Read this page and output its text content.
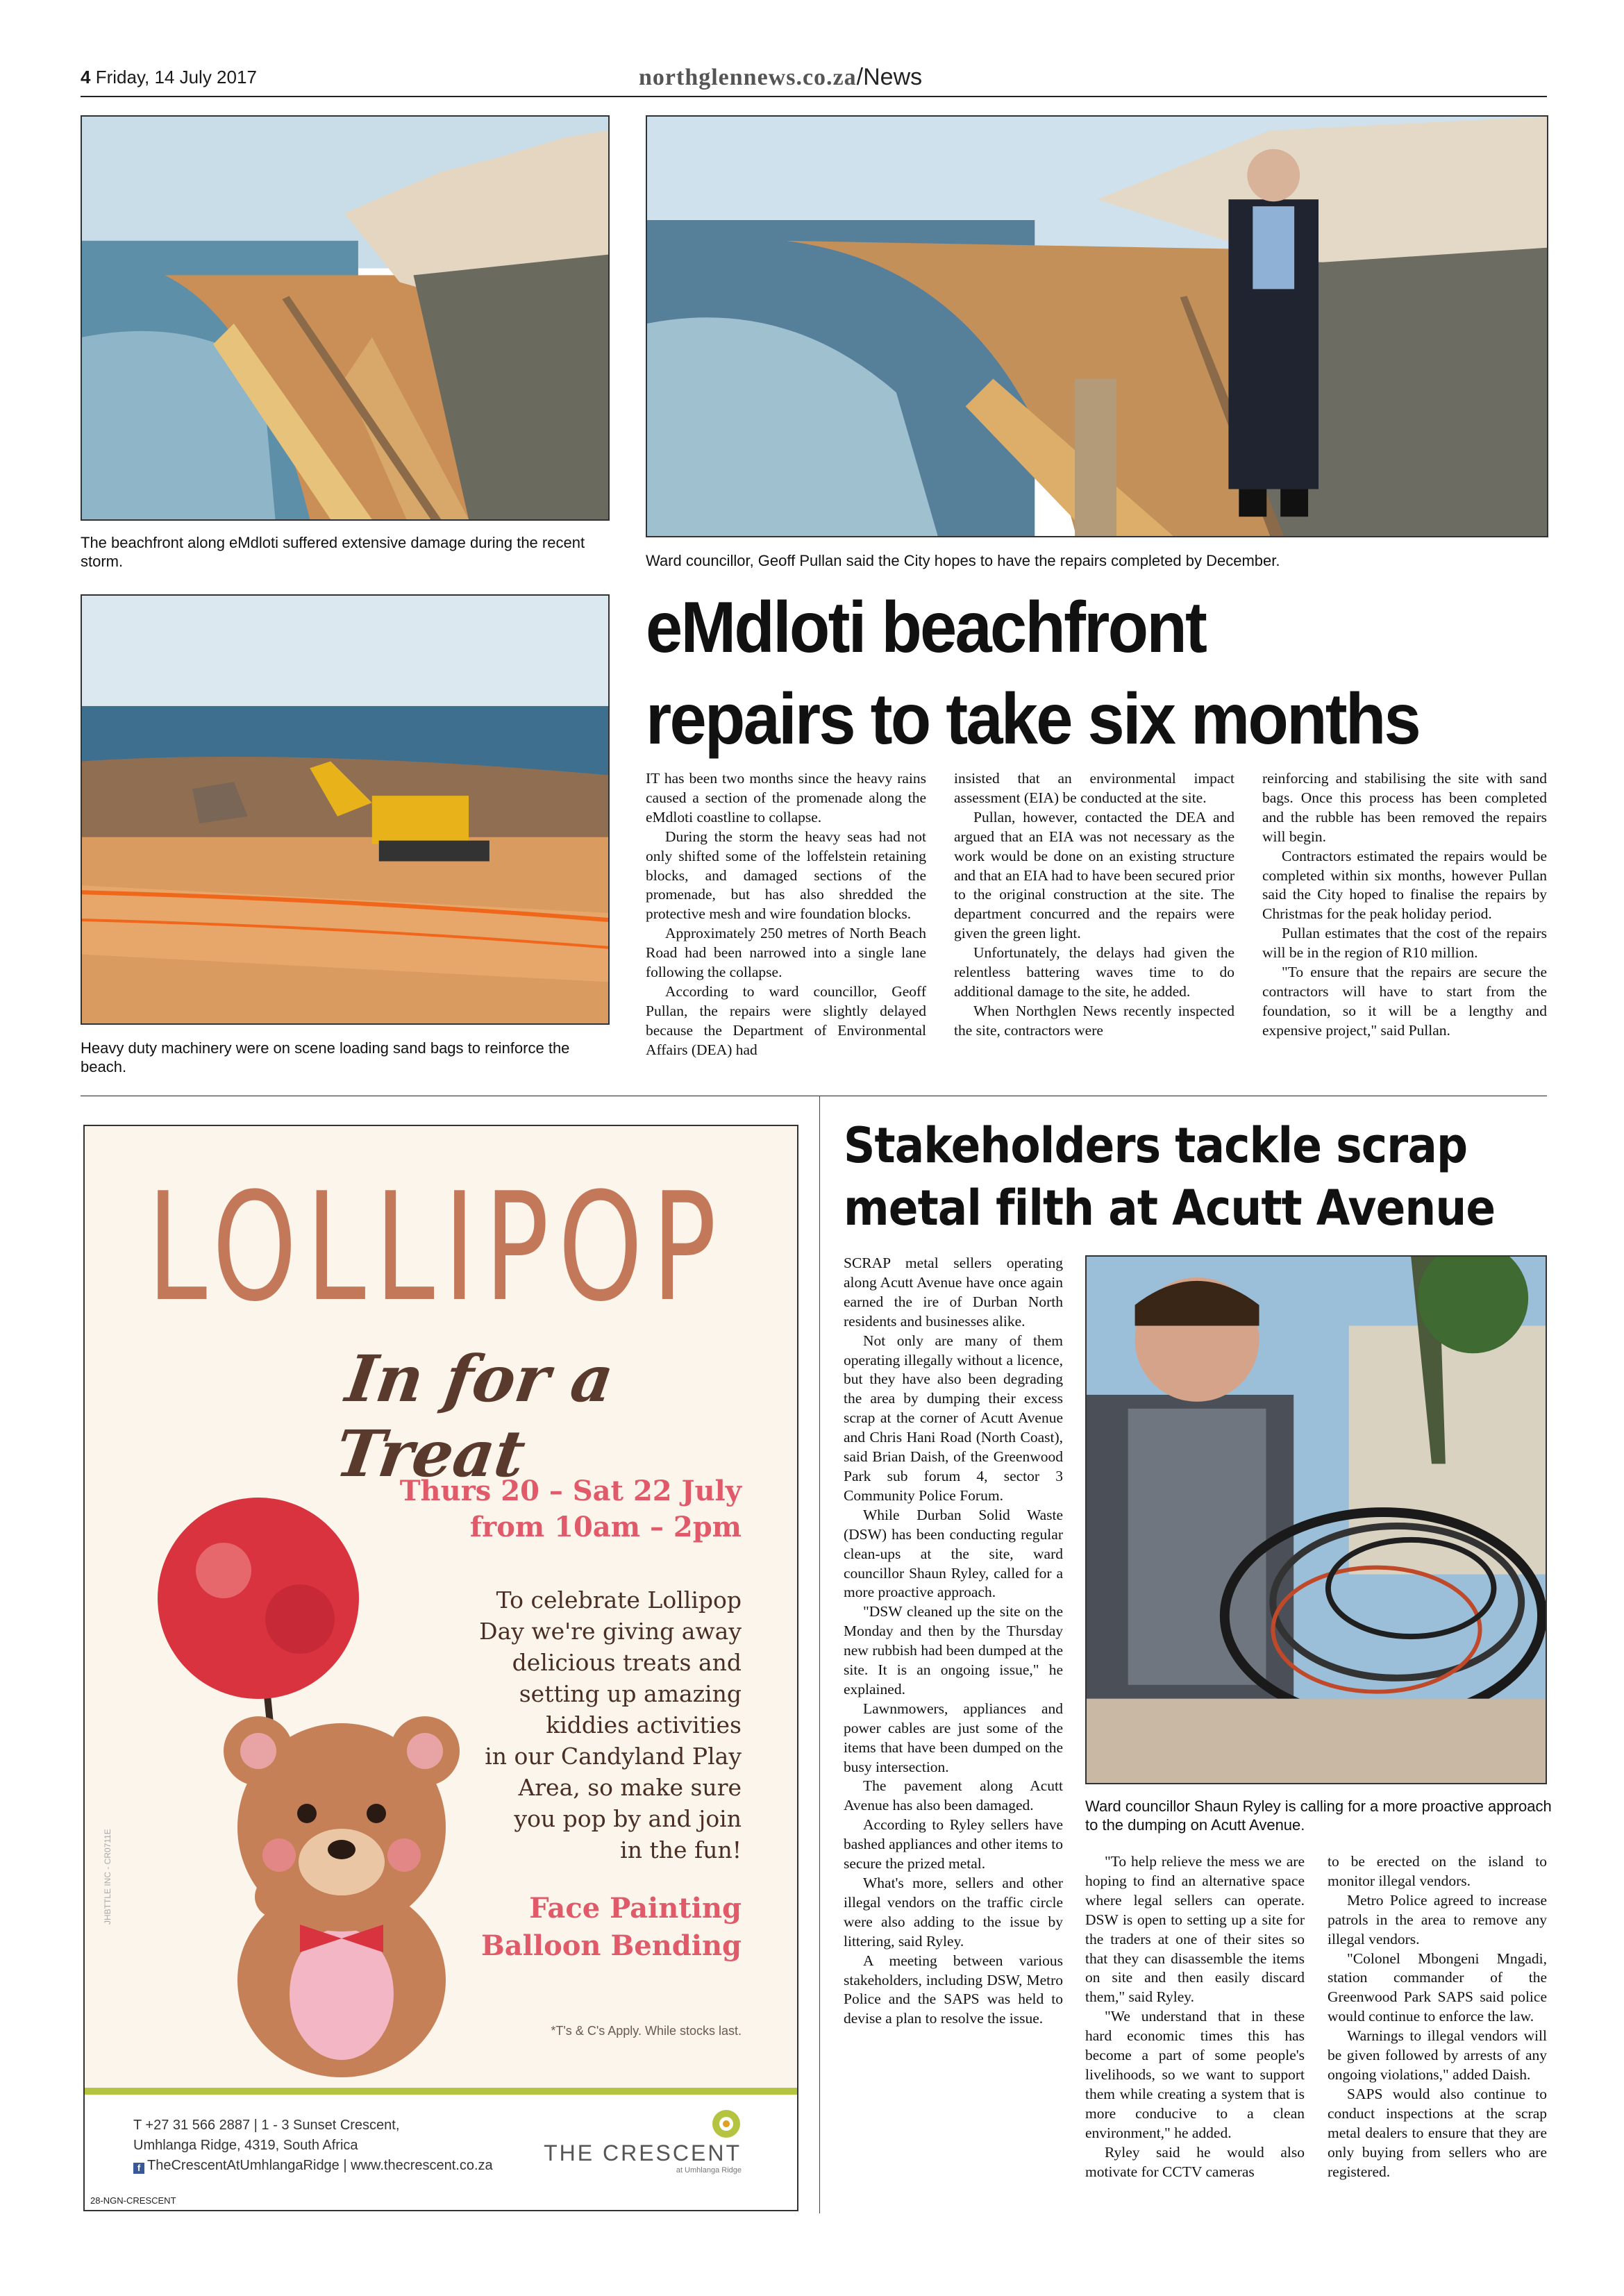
4 Friday, 14 July 2017	northglennews.co.za/News
The beachfront along eMdloti suffered extensive damage during the recent storm.	Ward councillor, Geoff Pullan said the City hopes to have the repairs completed by December.
Heavy duty machinery were on scene loading sand bags to reinforce the beach.
eMdloti beachfront
repairs to take six months

IT has been two months since the heavy rains caused a section of the promenade along the eMdloti coastline to collapse.

During the storm the heavy seas had not only shifted some of the loffelstein retaining blocks, and damaged sections of the promenade, but has also shredded the protective mesh and wire foundation blocks.

Approximately 250 metres of North Beach Road had been narrowed into a single lane following the collapse.

According to ward councillor, Geoff Pullan, the repairs were slightly delayed because the Department of Environmental Affairs (DEA) had

insisted that an environmental impact assessment (EIA) be conducted at the site.

Pullan, however, contacted the DEA and argued that an EIA was not necessary as the work would be done on an existing structure and that an EIA had to have been secured prior to the original construction at the site. The department concurred and the repairs were given the green light.

Unfortunately, the delays had given the relentless battering waves time to do additional damage to the site, he added.

When Northglen News recently inspected the site, contractors were

reinforcing and stabilising the site with sand bags. Once this process has been completed and the rubble has been removed the repairs will begin.

Contractors estimated the repairs would be completed within six months, however Pullan said the City hoped to finalise the repairs by Christmas for the peak holiday period.

Pullan estimates that the cost of the repairs will be in the region of R10 million.

"To ensure that the repairs are secure the contractors will have to start from the foundation, so it will be a lengthy and expensive project," said Pullan.

LOLLIPOP
In for a Treat
Thurs 20 – Sat 22 July
from 10am – 2pm
To celebrate Lollipop
Day we're giving away
delicious treats and
setting up amazing
kiddies activities
in our Candyland Play
Area, so make sure
you pop by and join
in the fun!
Face Painting
Balloon Bending
*T's & C's Apply. While stocks last.
JHBTTLE INC - CR0711E
T +27 31 566 2887 | 1 - 3 Sunset Crescent,
Umhlanga Ridge, 4319, South Africa
f TheCrescentAtUmhlangaRidge | www.thecrescent.co.za THE CRESCENT
at Umhlanga Ridge
28-NGN-CRESCENT
Stakeholders tackle scrap
metal filth at Acutt Avenue

SCRAP metal sellers operating along Acutt Avenue have once again earned the ire of Durban North residents and businesses alike.

Not only are many of them operating illegally without a licence, but they have also been degrading the area by dumping their excess scrap at the corner of Acutt Avenue and Chris Hani Road (North Coast), said Brian Daish, of the Greenwood Park sub forum 4, sector 3 Community Police Forum.

While Durban Solid Waste (DSW) has been conducting regular clean-ups at the site, ward councillor Shaun Ryley, called for a more proactive approach.

"DSW cleaned up the site on the Monday and then by the Thursday new rubbish had been dumped at the site. It is an ongoing issue," he explained.

Lawnmowers, appliances and power cables are just some of the items that have been dumped on the busy intersection.

The pavement along Acutt Avenue has also been damaged.

According to Ryley sellers have bashed appliances and other items to secure the prized metal.

What's more, sellers and other illegal vendors on the traffic circle were also adding to the issue by littering, said Ryley.

A meeting between various stakeholders, including DSW, Metro Police and the SAPS was held to devise a plan to resolve the issue.

Ward councillor Shaun Ryley is calling for a more proactive approach to the dumping on Acutt Avenue.

"To help relieve the mess we are hoping to find an alternative space where legal sellers can operate. DSW is open to setting up a site for the traders at one of their sites so that they can disassemble the items on site and then easily discard them," said Ryley.

"We understand that in these hard economic times this has become a part of some people's livelihoods, so we want to support them while creating a system that is more conducive to a clean environment," he added.

Ryley said he would also motivate for CCTV cameras

to be erected on the island to monitor illegal vendors.

Metro Police agreed to increase patrols in the area to remove any illegal vendors.

"Colonel Mbongeni Mngadi, station commander of the Greenwood Park SAPS said police would continue to enforce the law.

Warnings to illegal vendors will be given followed by arrests of any ongoing violations," added Daish.

SAPS would also continue to conduct inspections at the scrap metal dealers to ensure that they are only buying from sellers who are registered.
